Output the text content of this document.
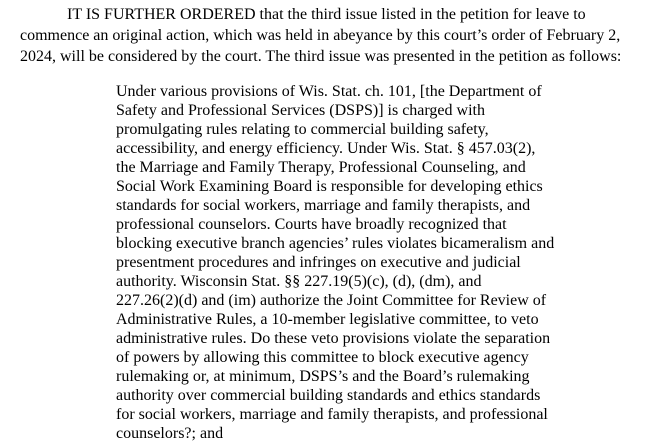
IT IS FURTHER ORDERED that the third issue listed in the petition for leave to

commence an original action, which was held in abeyance by this court’s order of February 2,

2024, will be considered by the court. The third issue was presented in the petition as follows:

Under various provisions of Wis. Stat. ch. 101, [the Department of

Safety and Professional Services (DSPS)] is charged with

promulgating rules relating to commercial building safety,

accessibility, and energy efficiency. Under Wis. Stat. § 457.03(2),

the Marriage and Family Therapy, Professional Counseling, and

Social Work Examining Board is responsible for developing ethics

standards for social workers, marriage and family therapists, and

professional counselors. Courts have broadly recognized that

blocking executive branch agencies’ rules violates bicameralism and

presentment procedures and infringes on executive and judicial

authority. Wisconsin Stat. §§ 227.19(5)(c), (d), (dm), and

227.26(2)(d) and (im) authorize the Joint Committee for Review of

Administrative Rules, a 10-member legislative committee, to veto

administrative rules. Do these veto provisions violate the separation

of powers by allowing this committee to block executive agency

rulemaking or, at minimum, DSPS’s and the Board’s rulemaking

authority over commercial building standards and ethics standards

for social workers, marriage and family therapists, and professional

counselors?; and
